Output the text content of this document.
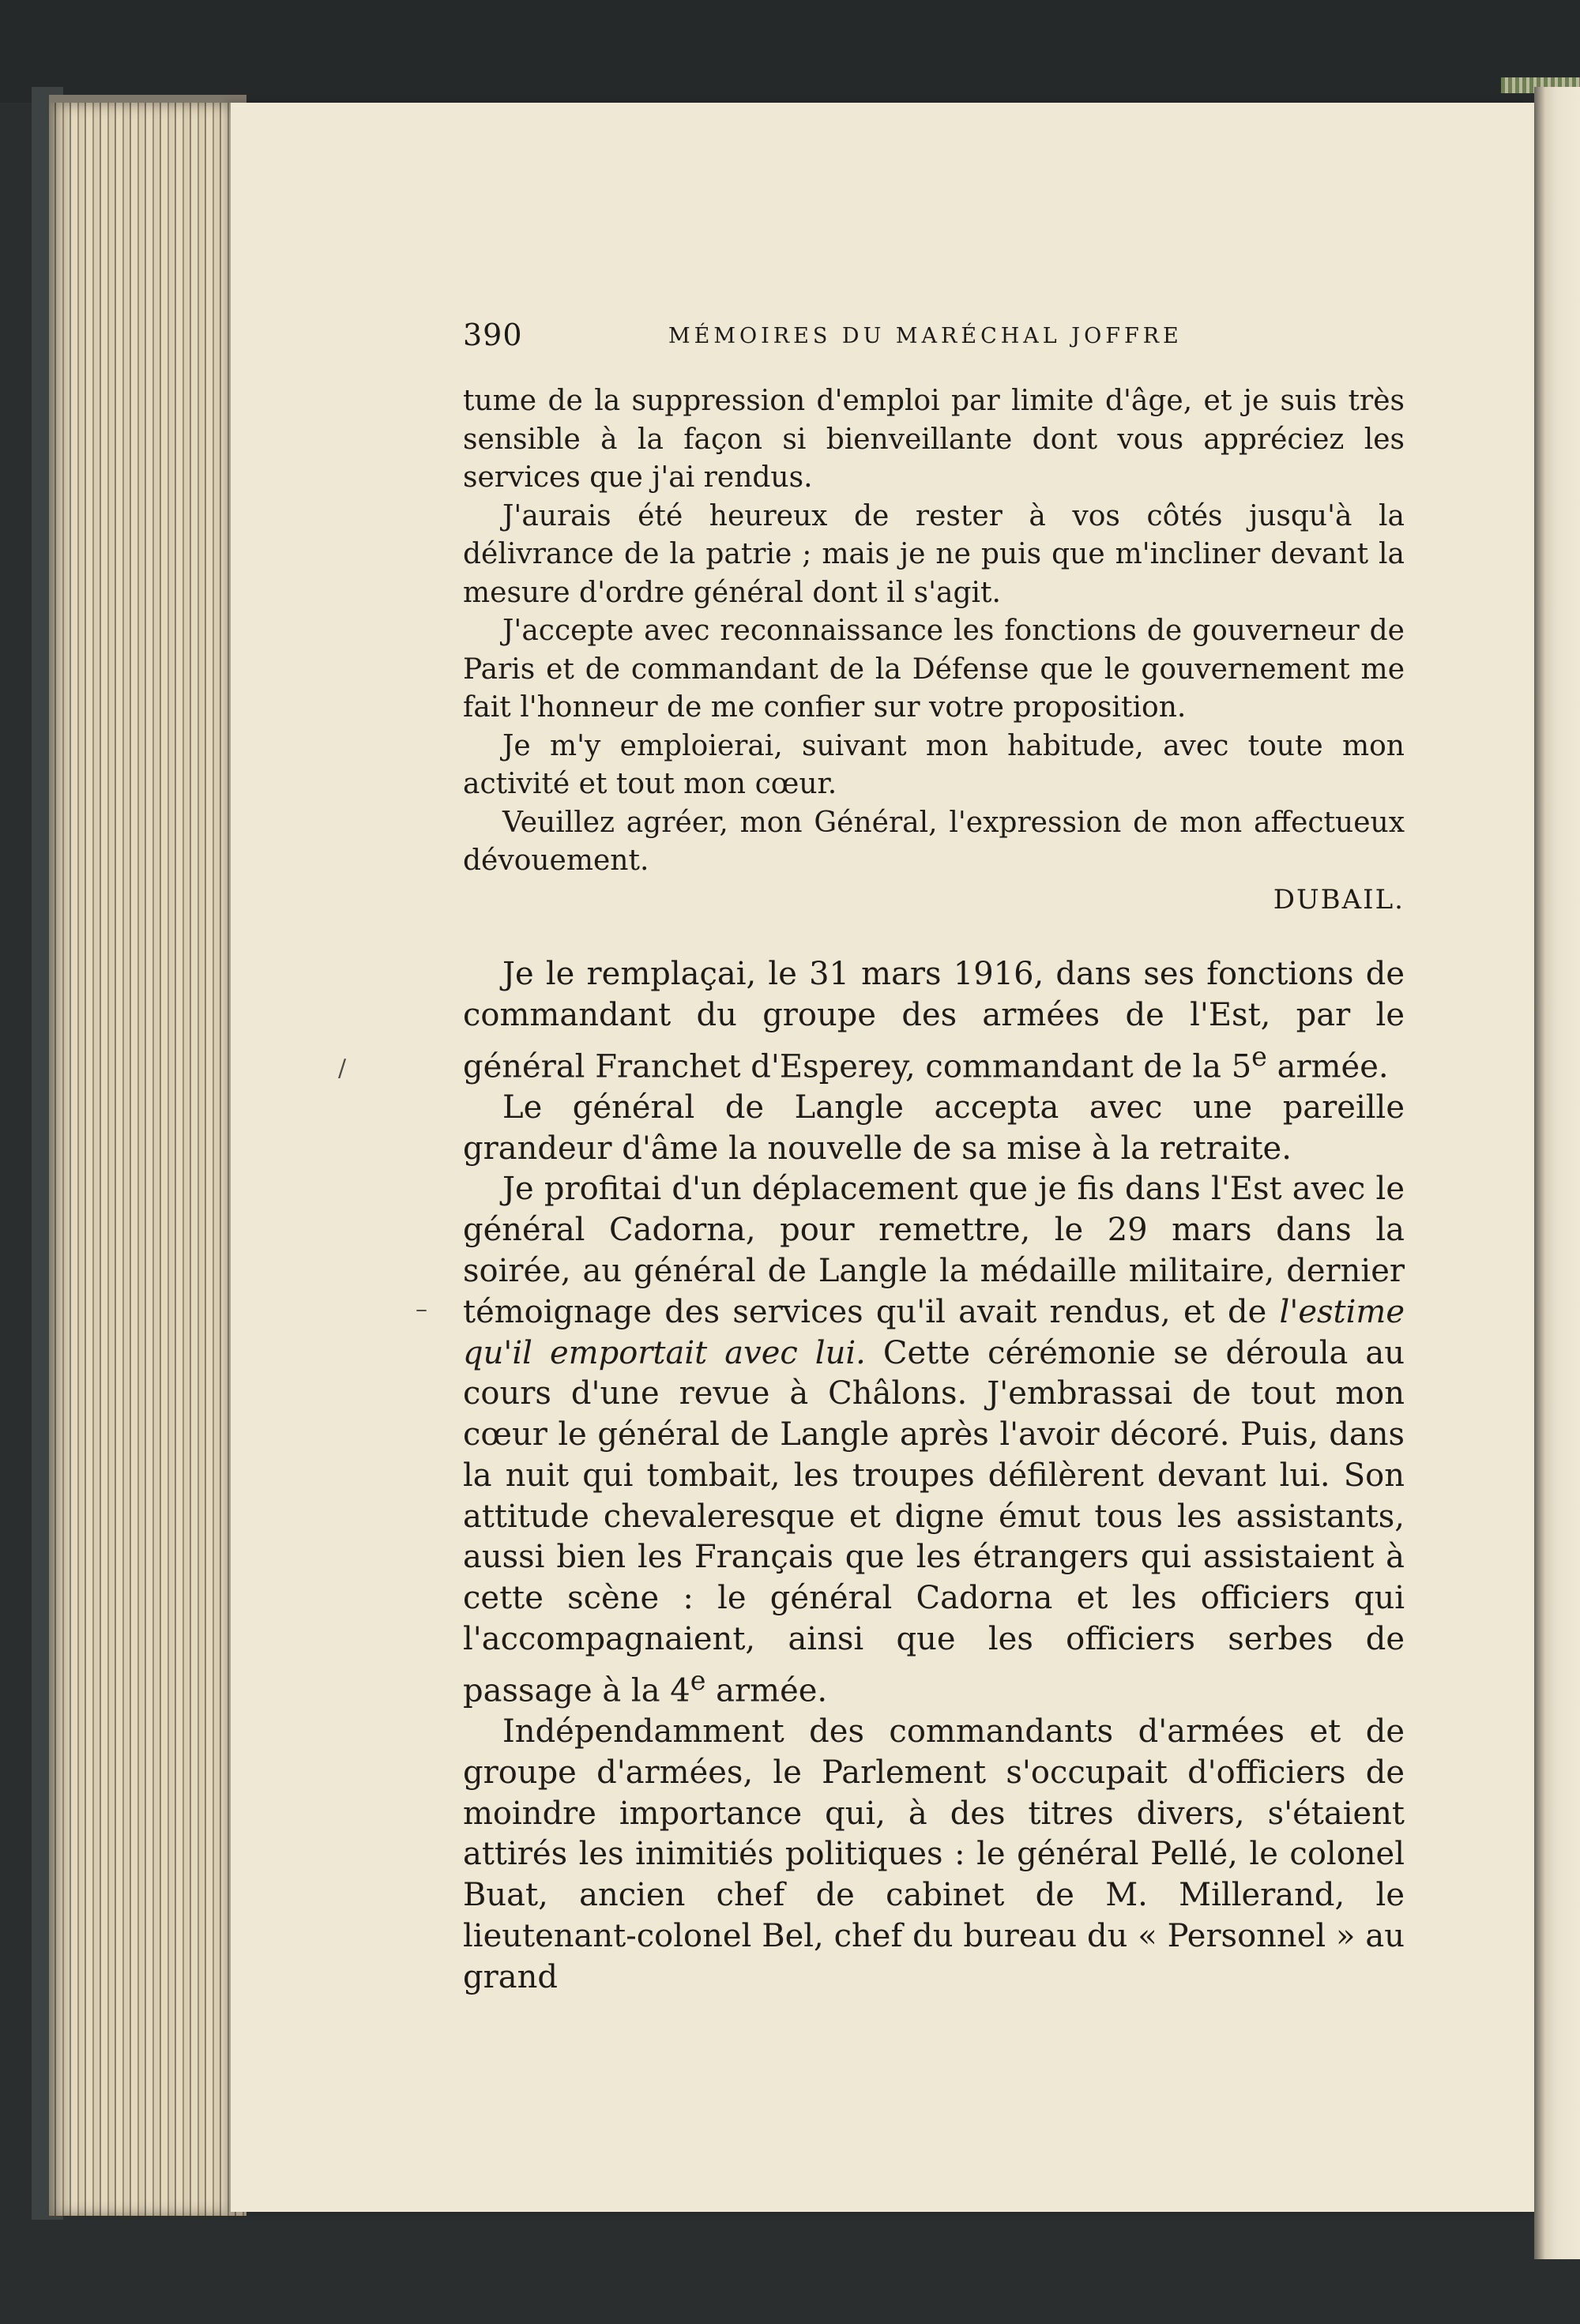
390	MÉMOIRES DU MARÉCHAL JOFFRE

tume de la suppression d'emploi par limite d'âge, et je suis très sensible à la façon si bienveillante dont vous appréciez les services que j'ai rendus.

J'aurais été heureux de rester à vos côtés jusqu'à la délivrance de la patrie ; mais je ne puis que m'incliner devant la mesure d'ordre général dont il s'agit.

J'accepte avec reconnaissance les fonctions de gouverneur de Paris et de commandant de la Défense que le gouvernement me fait l'honneur de me confier sur votre proposition.

Je m'y emploierai, suivant mon habitude, avec toute mon activité et tout mon cœur.

Veuillez agréer, mon Général, l'expression de mon affectueux dévouement.

DUBAIL.

Je le remplaçai, le 31 mars 1916, dans ses fonctions de commandant du groupe des armées de l'Est, par le général Franchet d'Esperey, commandant de la 5e armée.

Le général de Langle accepta avec une pareille grandeur d'âme la nouvelle de sa mise à la retraite.

Je profitai d'un déplacement que je fis dans l'Est avec le général Cadorna, pour remettre, le 29 mars dans la soirée, au général de Langle la médaille militaire, dernier témoignage des services qu'il avait rendus, et de l'estime qu'il emportait avec lui. Cette cérémonie se déroula au cours d'une revue à Châlons. J'embrassai de tout mon cœur le général de Langle après l'avoir décoré. Puis, dans la nuit qui tombait, les troupes défilèrent devant lui. Son attitude chevaleresque et digne émut tous les assistants, aussi bien les Français que les étrangers qui assistaient à cette scène : le général Cadorna et les officiers qui l'accompagnaient, ainsi que les officiers serbes de passage à la 4e armée.

Indépendamment des commandants d'armées et de groupe d'armées, le Parlement s'occupait d'officiers de moindre importance qui, à des titres divers, s'étaient attirés les inimitiés politiques : le général Pellé, le colonel Buat, ancien chef de cabinet de M. Millerand, le lieutenant-colonel Bel, chef du bureau du « Personnel » au grand

/
–
